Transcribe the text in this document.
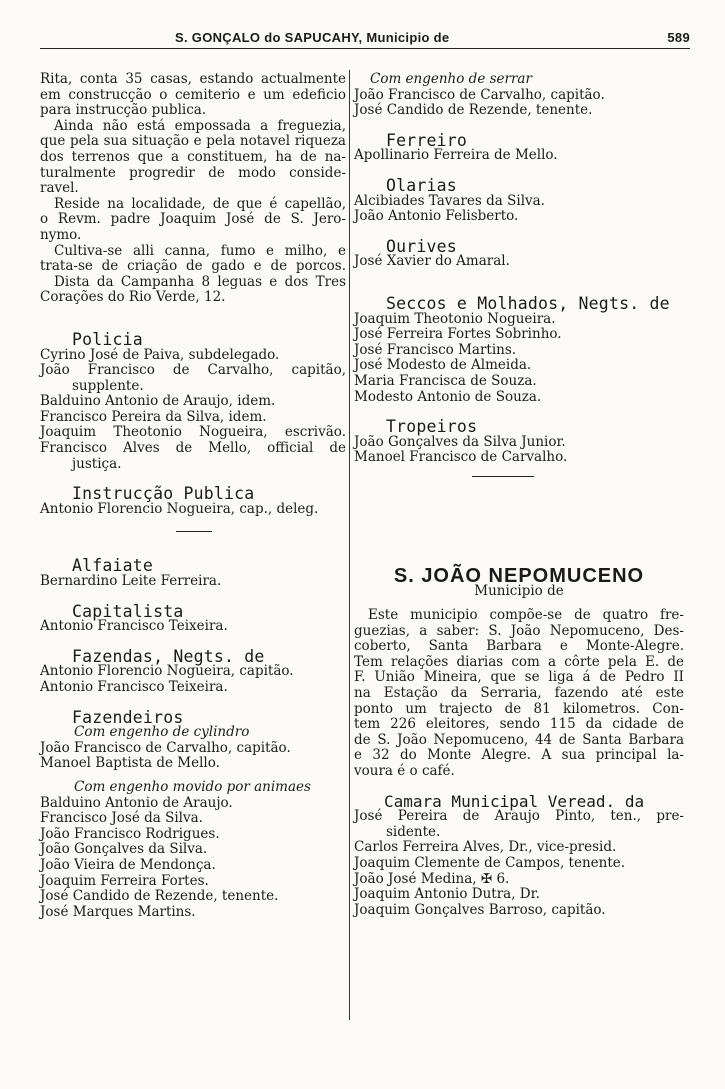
S. GONÇALO do SAPUCAHY, Municipio de	589
Rita, conta 35 casas, estando actualmente
em construcção o cemiterio e um edeficio
para instrucção publica.
Ainda não está empossada a freguezia,
que pela sua situação e pela notavel riqueza
dos terrenos que a constituem, ha de na-
turalmente progredir de modo conside-
ravel.
Reside na localidade, de que é capellão,
o Revm. padre Joaquim José de S. Jero-
nymo.
Cultiva-se alli canna, fumo e milho, e
trata-se de criação de gado e de porcos.
Dista da Campanha 8 leguas e dos Tres
Corações do Rio Verde, 12.
Policia
Cyrino José de Paiva, subdelegado.
João Francisco de Carvalho, capitão,
supplente.
Balduino Antonio de Araujo, idem.
Francisco Pereira da Silva, idem.
Joaquim Theotonio Nogueira, escrivão.
Francisco Alves de Mello, official de
justiça.
Instrucção Publica
Antonio Florencio Nogueira, cap., deleg.
Alfaiate
Bernardino Leite Ferreira.
Capitalista
Antonio Francisco Teixeira.
Fazendas, Negts. de
Antonio Florencio Nogueira, capitão.
Antonio Francisco Teixeira.
Fazendeiros
Com engenho de cylindro
João Francisco de Carvalho, capitão.
Manoel Baptista de Mello.
Com engenho movido por animaes
Balduino Antonio de Araujo.
Francisco José da Silva.
João Francisco Rodrigues.
João Gonçalves da Silva.
João Vieira de Mendonça.
Joaquim Ferreira Fortes.
José Candido de Rezende, tenente.
José Marques Martins.
Com engenho de serrar
João Francisco de Carvalho, capitão.
José Candido de Rezende, tenente.
Ferreiro
Apollinario Ferreira de Mello.
Olarias
Alcibiades Tavares da Silva.
João Antonio Felisberto.
Ourives
José Xavier do Amaral.
Seccos e Molhados, Negts. de
Joaquim Theotonio Nogueira.
José Ferreira Fortes Sobrinho.
José Francisco Martins.
José Modesto de Almeida.
Maria Francisca de Souza.
Modesto Antonio de Souza.
Tropeiros
João Gonçalves da Silva Junior.
Manoel Francisco de Carvalho.
S. JOÃO NEPOMUCENO
Municipio de
Este municipio compõe-se de quatro fre-
guezias, a saber: S. João Nepomuceno, Des-
coberto, Santa Barbara e Monte-Alegre.
Tem relações diarias com a côrte pela E. de
F. União Mineira, que se liga á de Pedro II
na Estação da Serraria, fazendo até este
ponto um trajecto de 81 kilometros. Con-
tem 226 eleitores, sendo 115 da cidade de
de S. João Nepomuceno, 44 de Santa Barbara
e 32 do Monte Alegre. A sua principal la-
voura é o café.
Camara Municipal Veread. da
José Pereira de Araujo Pinto, ten., pre-
sidente.
Carlos Ferreira Alves, Dr., vice-presid.
Joaquim Clemente de Campos, tenente.
João José Medina, ✠ 6.
Joaquim Antonio Dutra, Dr.
Joaquim Gonçalves Barroso, capitão.
